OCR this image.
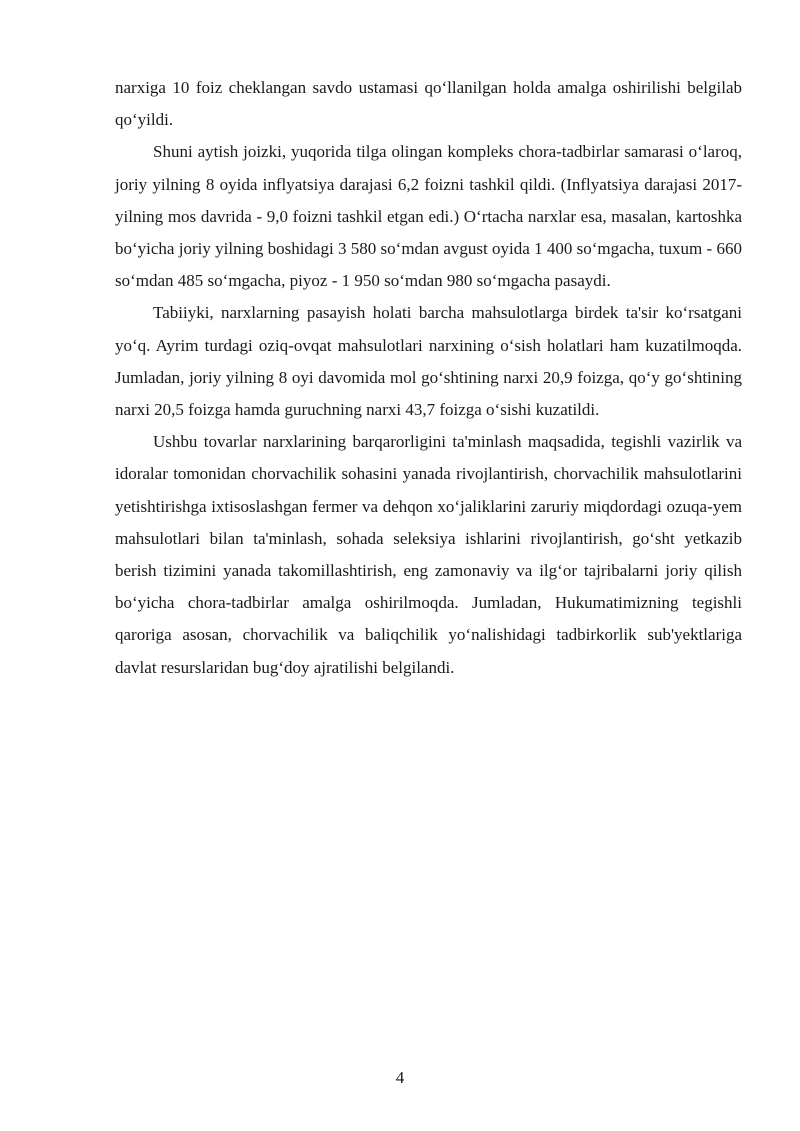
narxiga 10 foiz cheklangan savdo ustamasi qo‘llanilgan holda amalga oshirilishi belgilab qo‘yildi.

Shuni aytish joizki, yuqorida tilga olingan kompleks chora-tadbirlar samarasi o‘laroq, joriy yilning 8 oyida inflyatsiya darajasi 6,2 foizni tashkil qildi. (Inflyatsiya darajasi 2017-yilning mos davrida - 9,0 foizni tashkil etgan edi.) O‘rtacha narxlar esa, masalan, kartoshka bo‘yicha joriy yilning boshidagi 3 580 so‘mdan avgust oyida 1 400 so‘mgacha, tuxum - 660 so‘mdan 485 so‘mgacha, piyoz - 1 950 so‘mdan 980 so‘mgacha pasaydi.

Tabiiyki, narxlarning pasayish holati barcha mahsulotlarga birdek ta'sir ko‘rsatgani yo‘q. Ayrim turdagi oziq-ovqat mahsulotlari narxining o‘sish holatlari ham kuzatilmoqda. Jumladan, joriy yilning 8 oyi davomida mol go‘shtining narxi 20,9 foizga, qo‘y go‘shtining narxi 20,5 foizga hamda guruchning narxi 43,7 foizga o‘sishi kuzatildi.

Ushbu tovarlar narxlarining barqarorligini ta'minlash maqsadida, tegishli vazirlik va idoralar tomonidan chorvachilik sohasini yanada rivojlantirish, chorvachilik mahsulotlarini yetishtirishga ixtisoslashgan fermer va dehqon xo‘jaliklarini zaruriy miqdordagi ozuqa-yem mahsulotlari bilan ta'minlash, sohada seleksiya ishlarini rivojlantirish, go‘sht yetkazib berish tizimini yanada takomillashtirish, eng zamonaviy va ilg‘or tajribalarni joriy qilish bo‘yicha chora-tadbirlar amalga oshirilmoqda. Jumladan, Hukumatimizning tegishli qaroriga asosan, chorvachilik va baliqchilik yo‘nalishidagi tadbirkorlik sub'yektlariga davlat resurslaridan bug‘doy ajratilishi belgilandi.

4
